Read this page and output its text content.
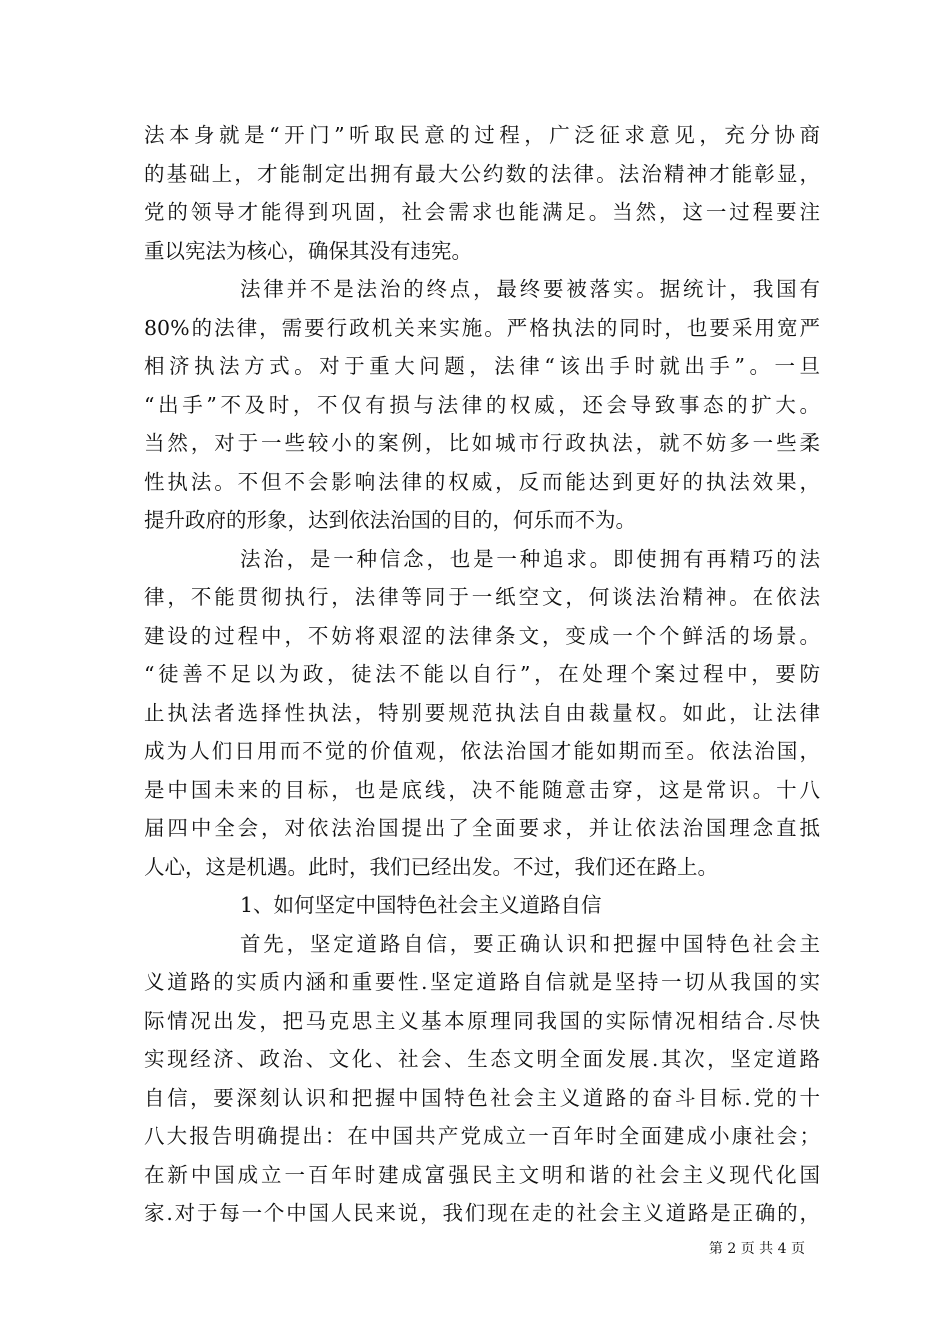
法本身就是“开门”听取民意的过程，广泛征求意见，充分协商
的基础上，才能制定出拥有最大公约数的法律。法治精神才能彰显，
党的领导才能得到巩固，社会需求也能满足。当然，这一过程要注
重以宪法为核心，确保其没有违宪。
法律并不是法治的终点，最终要被落实。据统计，我国有
80%的法律，需要行政机关来实施。严格执法的同时，也要采用宽严
相济执法方式。对于重大问题，法律“该出手时就出手”。一旦
“出手”不及时，不仅有损与法律的权威，还会导致事态的扩大。
当然，对于一些较小的案例，比如城市行政执法，就不妨多一些柔
性执法。不但不会影响法律的权威，反而能达到更好的执法效果，
提升政府的形象，达到依法治国的目的，何乐而不为。
法治，是一种信念，也是一种追求。即使拥有再精巧的法
律，不能贯彻执行，法律等同于一纸空文，何谈法治精神。在依法
建设的过程中，不妨将艰涩的法律条文，变成一个个鲜活的场景。
“徒善不足以为政，徒法不能以自行”，在处理个案过程中，要防
止执法者选择性执法，特别要规范执法自由裁量权。如此，让法律
成为人们日用而不觉的价值观，依法治国才能如期而至。依法治国，
是中国未来的目标，也是底线，决不能随意击穿，这是常识。十八
届四中全会，对依法治国提出了全面要求，并让依法治国理念直抵
人心，这是机遇。此时，我们已经出发。不过，我们还在路上。
1、如何坚定中国特色社会主义道路自信
首先，坚定道路自信，要正确认识和把握中国特色社会主
义道路的实质内涵和重要性.坚定道路自信就是坚持一切从我国的实
际情况出发，把马克思主义基本原理同我国的实际情况相结合.尽快
实现经济、政治、文化、社会、生态文明全面发展.其次，坚定道路
自信，要深刻认识和把握中国特色社会主义道路的奋斗目标.党的十
八大报告明确提出：在中国共产党成立一百年时全面建成小康社会；
在新中国成立一百年时建成富强民主文明和谐的社会主义现代化国
家.对于每一个中国人民来说，我们现在走的社会主义道路是正确的，
第 2 页 共 4 页
